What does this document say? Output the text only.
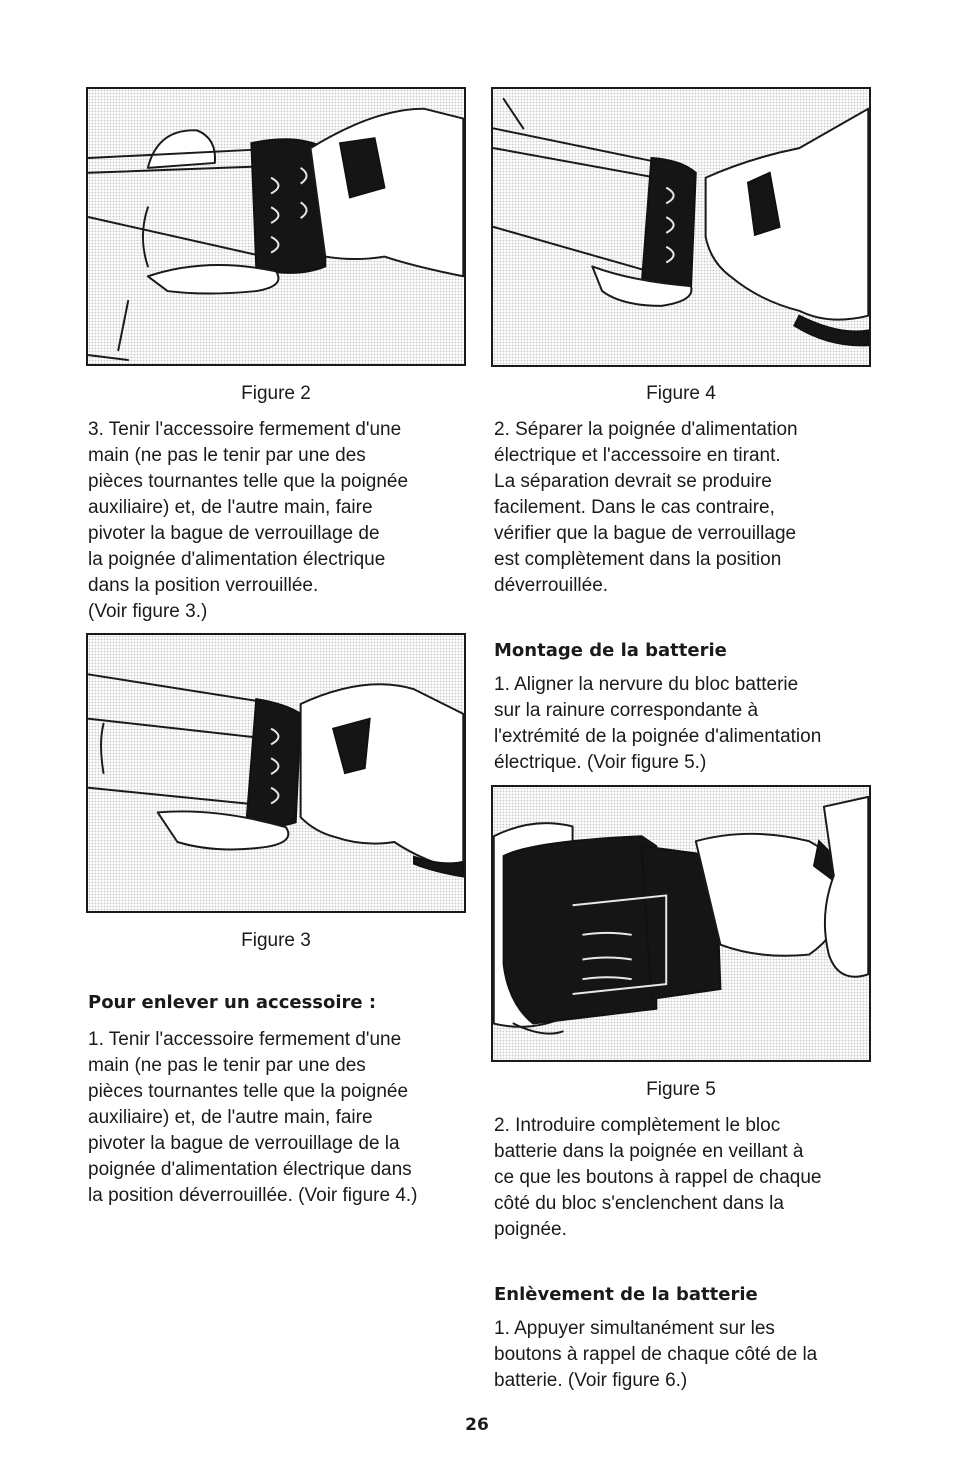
Figure 2

3. Tenir l'accessoire fermement d'une
main (ne pas le tenir par une des
pièces tournantes telle que la poignée
auxiliaire) et, de l'autre main, faire
pivoter la bague de verrouillage de
la poignée d'alimentation électrique
dans la position verrouillée.
(Voir figure 3.)

Figure 3

Pour enlever un accessoire :

1. Tenir l'accessoire fermement d'une
main (ne pas le tenir par une des
pièces tournantes telle que la poignée
auxiliaire) et, de l'autre main, faire
pivoter la bague de verrouillage de la
poignée d'alimentation électrique dans
la position déverrouillée. (Voir figure 4.)

Figure 4

2. Séparer la poignée d'alimentation
électrique et l'accessoire en tirant.
La séparation devrait se produire
facilement. Dans le cas contraire,
vérifier que la bague de verrouillage
est complètement dans la position
déverrouillée.

Montage de la batterie

1. Aligner la nervure du bloc batterie
sur la rainure correspondante à
l'extrémité de la poignée d'alimentation
électrique. (Voir figure 5.)

Figure 5

2. Introduire complètement le bloc
batterie dans la poignée en veillant à
ce que les boutons à rappel de chaque
côté du bloc s'enclenchent dans la
poignée.

Enlèvement de la batterie

1. Appuyer simultanément sur les
boutons à rappel de chaque côté de la
batterie. (Voir figure 6.)

26
